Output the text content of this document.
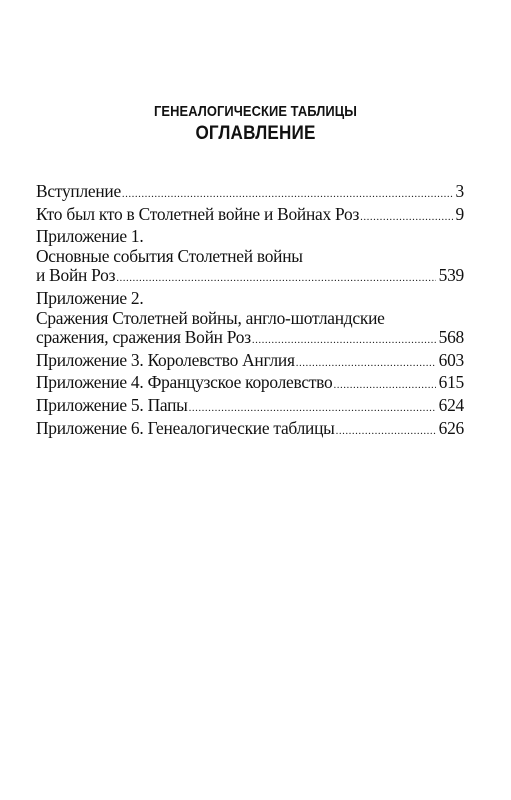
ГЕНЕАЛОГИЧЕСКИЕ ТАБЛИЦЫ
ОГЛАВЛЕНИЕ
Вступление .....	3
Кто был кто в Столетней войне и Войнах Роз .....	9
Приложение 1.
Основные события Столетней войны
и Войн Роз .....	539
Приложение 2.
Сражения Столетней войны, англо-шотландские
сражения, сражения Войн Роз .....	568
Приложение 3. Королевство Англия .....	603
Приложение 4. Французское королевство .....	615
Приложение 5. Папы .....	624
Приложение 6. Генеалогические таблицы .....	626
